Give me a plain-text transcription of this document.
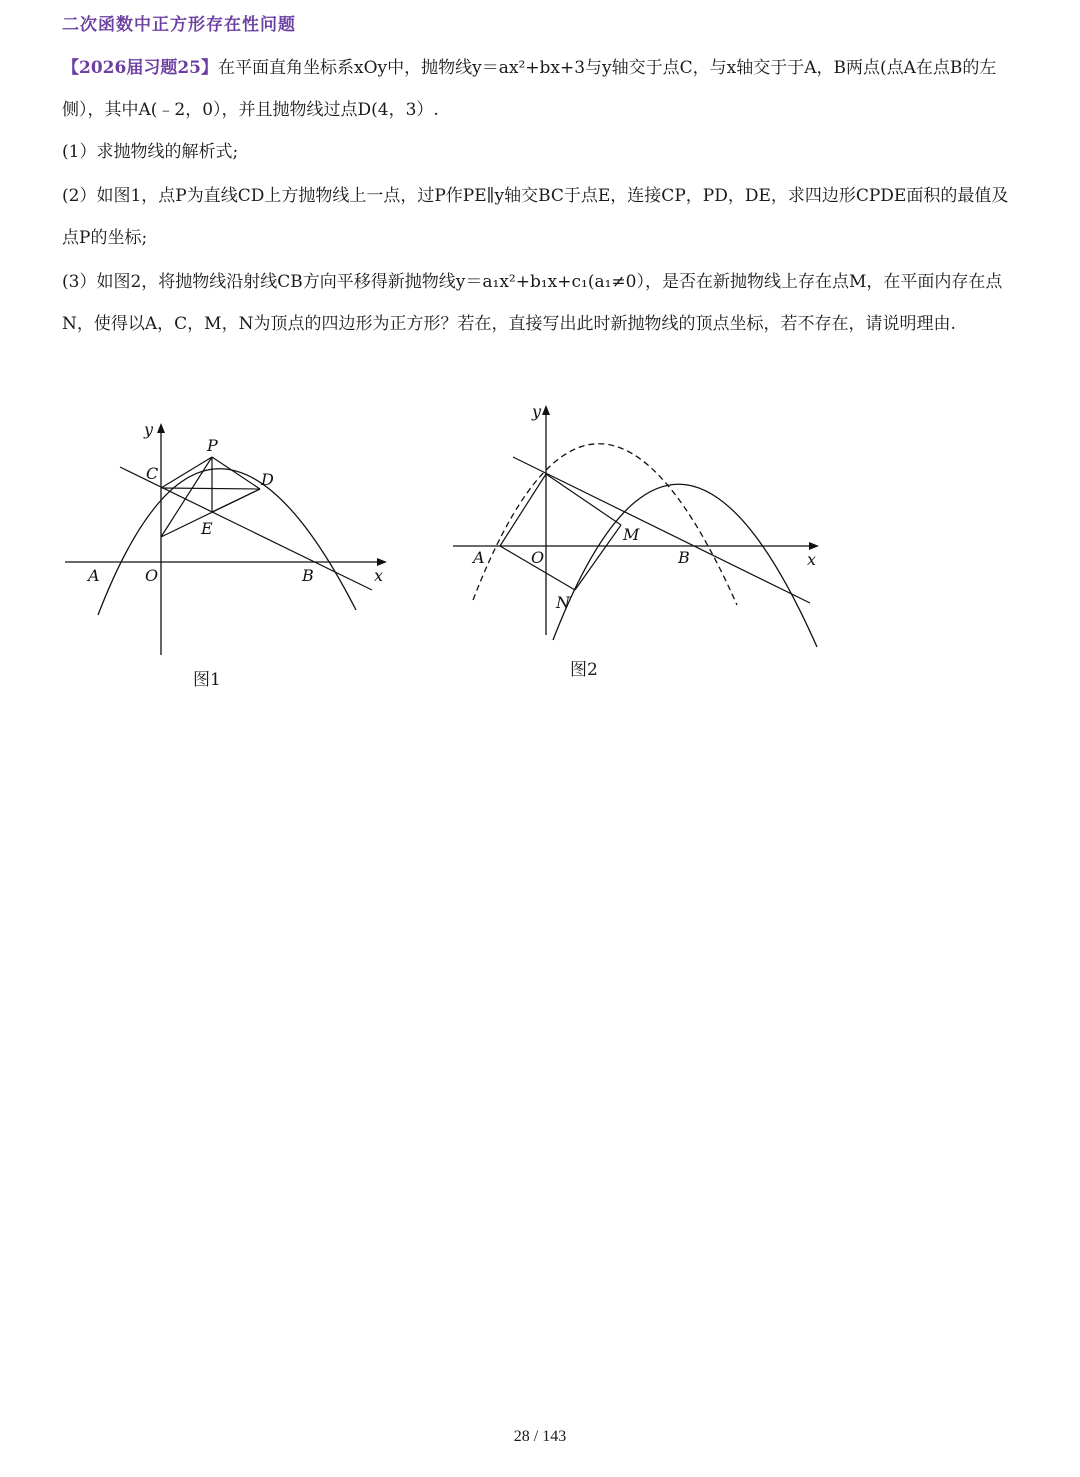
二次函数中正方形存在性问题
【2026届习题25】在平面直角坐标系xOy中，抛物线y＝ax²+bx+3与y轴交于点C，与x轴交于于A，B两点(点A在点B的左侧），其中A(﹣2，0），并且抛物线过点D(4，3）.
(1）求抛物线的解析式;
(2）如图1，点P为直线CD上方抛物线上一点，过P作PE∥y轴交BC于点E，连接CP，PD，DE，求四边形CPDE面积的最值及点P的坐标;
(3）如图2，将抛物线沿射线CB方向平移得新抛物线y＝a₁x²+b₁x+c₁(a₁≠0），是否在新抛物线上存在点M，在平面内存在点N，使得以A，C，M，N为顶点的四边形为正方形？若在，直接写出此时新抛物线的顶点坐标，若不存在，请说明理由.
y
x
A	O	B
C
P
D
E
图1
y
x
A	O	B
M
N
图2
28 / 143
